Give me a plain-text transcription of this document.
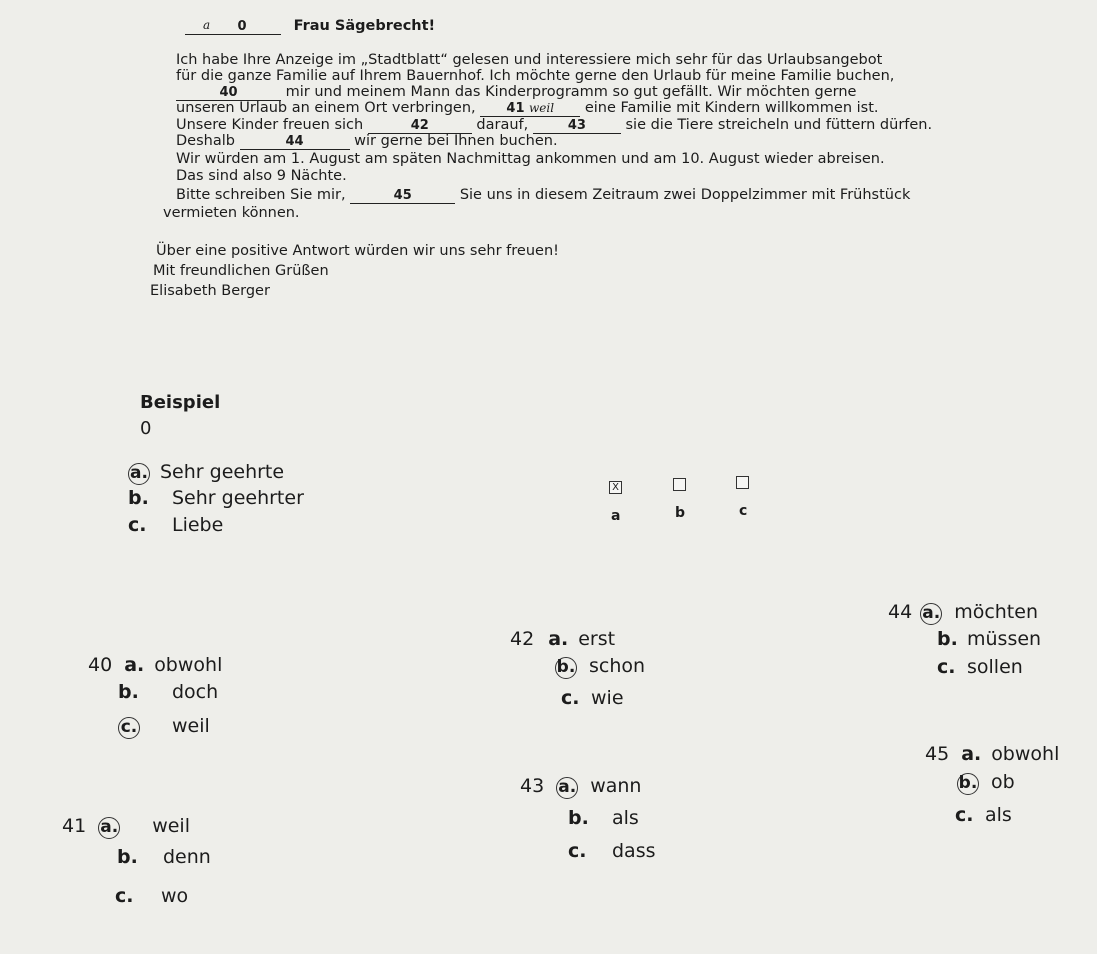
a 0	Frau Sägebrecht!
Ich habe Ihre Anzeige im „Stadtblatt“ gelesen und interessiere mich sehr für das Urlaubsangebot
für die ganze Familie auf Ihrem Bauernhof. Ich möchte gerne den Urlaub für meine Familie buchen,
40	mir und meinem Mann das Kinderprogramm so gut gefällt. Wir möchten gerne
unseren Urlaub an einem Ort verbringen, 41 weil eine Familie mit Kindern willkommen ist.
Unsere Kinder freuen sich	42	darauf,	43	sie die Tiere streicheln und füttern dürfen.
Deshalb	44	wir gerne bei Ihnen buchen.
Wir würden am 1. August am späten Nachmittag ankommen und am 10. August wieder abreisen.
Das sind also 9 Nächte.
Bitte schreiben Sie mir,	45	Sie uns in diesem Zeitraum zwei Doppelzimmer mit Frühstück
vermieten können.
Über eine positive Antwort würden wir uns sehr freuen!
Mit freundlichen Grüßen
Elisabeth Berger
Beispiel
0
a. Sehr geehrte
b. Sehr geehrter
c. Liebe
X
a	b	c
40 a. obwohl
b. doch
c. weil
41 a. weil
b. denn
c. wo
42 a. erst
b. schon
c. wie
43 a. wann
b. als
c. dass
44 a. möchten
b. müssen
c. sollen
45 a. obwohl
b. ob
c. als
